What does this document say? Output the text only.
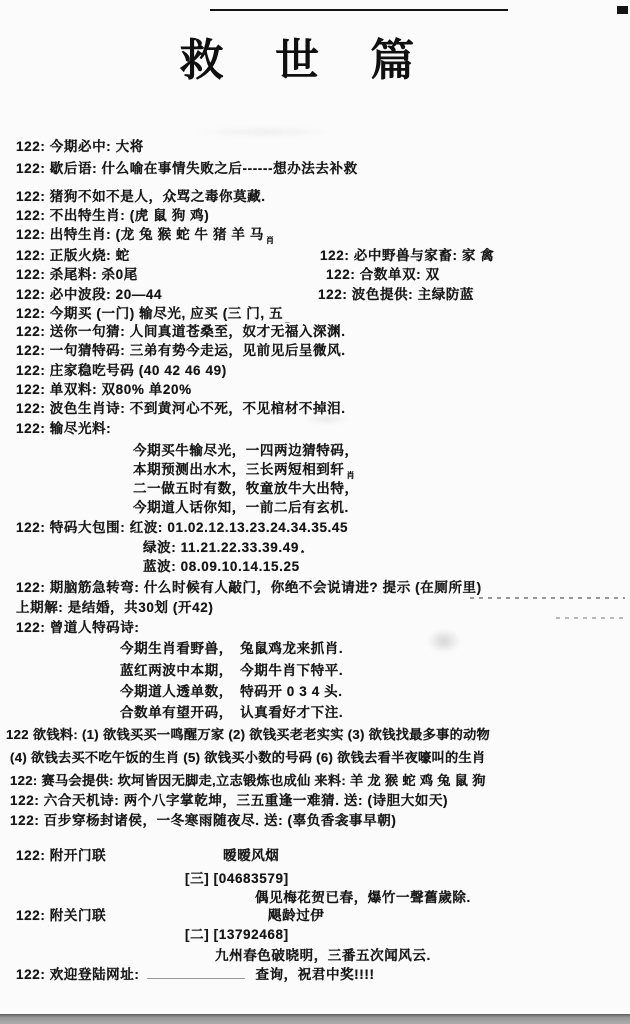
救 世 篇
122: 今期必中: 大将
122: 歇后语: 什么喻在事情失败之后------想办法去补救
122: 猪狗不如不是人，众骂之毒你莫藏.
122: 不出特生肖: (虎 鼠 狗 鸡)
122: 出特生肖: (龙 兔 猴 蛇 牛 猪 羊 马 $_肖$
122: 正版火烧: 蛇	122: 必中野兽与家畜: 家 禽
122: 杀尾料: 杀0尾	122: 合数单双: 双
122: 必中波段: 20—44	122: 波色提供: 主绿防蓝
122: 今期买 (一门) 输尽光, 应买 (三 门, 五 $_{\_}$
122: 送你一句猜: 人间真道苍桑至，奴才无福入深渊.
122: 一句猜特码: 三弟有势今走运，见前见后呈微风.
122: 庄家稳吃号码 (40 42 46 49)
122: 单双料: 双80% 单20%
122: 波色生肖诗: 不到黄河心不死，不见棺材不掉泪.
122: 输尽光料:
今期买牛输尽光，一四两边猜特码，
本期预测出水木，三长两短相到轩 $_肖$
二一做五时有数，牧童放牛大出特，
今期道人话你知，一前二后有玄机.
122: 特码大包围: 红波: 01.02.12.13.23.24.34.35.45
绿波: 11.21.22.33.39.49 $_*$
蓝波: 08.09.10.14.15.25
122: 期脑筋急转弯: 什么时候有人敲门，你绝不会说请进? 提示 (在厕所里)
上期解: 是结婚，共30划 (开42)
122: 曾道人特码诗:
今期生肖看野兽，　兔鼠鸡龙来抓肖.
蓝红两波中本期，　今期牛肖下特平.
今期道人透单数，　特码开 0 3 4 头.
合数单有望开码，　认真看好才下注.
122 欲钱料: (1) 欲钱买买一鸣醒万家 (2) 欲钱买老老实实 (3) 欲钱找最多事的动物
(4) 欲钱去买不吃午饭的生肖 (5) 欲钱买小数的号码 (6) 欲钱去看半夜嚎叫的生肖
122: 赛马会提供: 坎坷皆因无脚走,立志锻炼也成仙 来料: 羊 龙 猴 蛇 鸡 兔 鼠 狗
122: 六合天机诗: 两个八字掌乾坤，三五重逢一难猜. 送: (诗胆大如天)
122: 百步穿杨封诸侯，一冬寒雨随夜尽. 送: (辜负香衾事早朝)
122: 附开门联	暧暧风烟
[三] [04683579]
偶见梅花贺已春，爆竹一聲舊歲除.
122: 附关门联	飓龄过伊
[二] [13792468]
九州春色破晓明，三番五次闻风云.
122: 欢迎登陆网址:	查询，祝君中奖!!!!
